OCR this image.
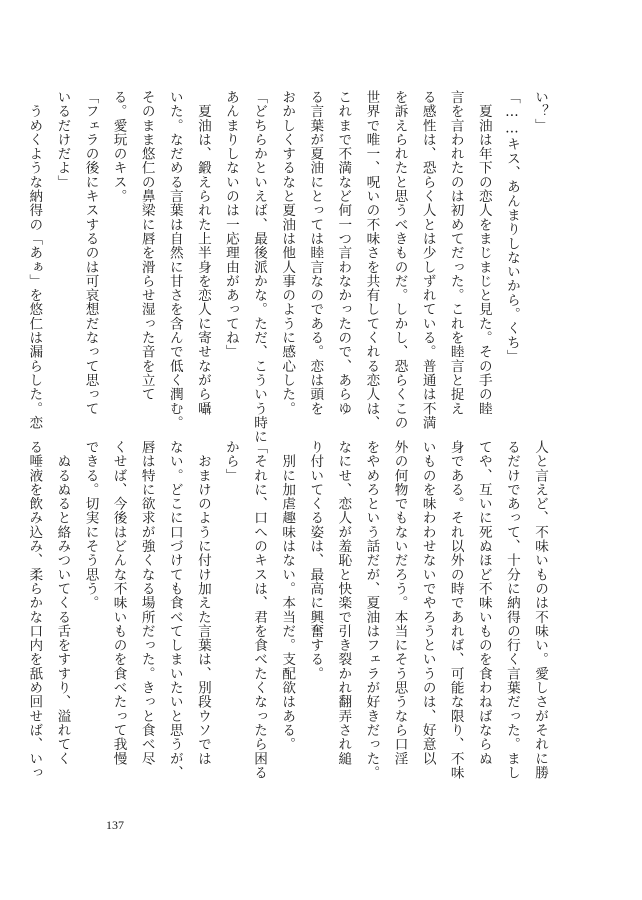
い？」
「……キス、あんまりしないから。くち」
　夏油は年下の恋人をまじまじと見た。その手の睦
言を言われたのは初めてだった。これを睦言と捉え
る感性は、恐らく人とは少しずれている。普通は不満
を訴えられたと思うべきものだ。しかし、恐らくこの
世界で唯一、呪いの不味さを共有してくれる恋人は、
これまで不満など何一つ言わなかったので、あらゆ
る言葉が夏油にとっては睦言なのである。恋は頭を
おかしくするなと夏油は他人事のように感心した。
「どちらかといえば、最後派かな。ただ、こういう時に
あんまりしないのは一応理由があってね」
　夏油は、鍛えられた上半身を恋人に寄せながら囁
いた。なだめる言葉は自然に甘さを含んで低く潤む。
そのまま悠仁の鼻梁に唇を滑らせ湿った音を立て
る。愛玩のキス。
「フェラの後にキスするのは可哀想だなって思って
いるだけだよ」
　うめくような納得の「あぁ」を悠仁は漏らした。恋
人と言えど、不味いものは不味い。愛しさがそれに勝
るだけであって、十分に納得の行く言葉だった。まし
てや、互いに死ぬほど不味いものを食わねばならぬ
身である。それ以外の時であれば、可能な限り、不味
いものを味わわせないでやろうというのは、好意以
外の何物でもないだろう。本当にそう思うなら口淫
をやめろという話だが、夏油はフェラが好きだった。
なにせ、恋人が羞恥と快楽で引き裂かれ翻弄され縋
り付いてくる姿は、最高に興奮する。
　別に加虐趣味はない。本当だ。支配欲はある。
「それに、口へのキスは、君を食べたくなったら困る
から」
　おまけのように付け加えた言葉は、別段ウソでは
ない。どこに口づけても食べてしまいたいと思うが、
唇は特に欲求が強くなる場所だった。きっと食べ尽
くせば、今後はどんな不味いものを食べたって我慢
できる。切実にそう思う。
　ぬるぬると絡みついてくる舌をすすり、溢れてく
る唾液を飲み込み、柔らかな口内を舐め回せば、いっ
137
